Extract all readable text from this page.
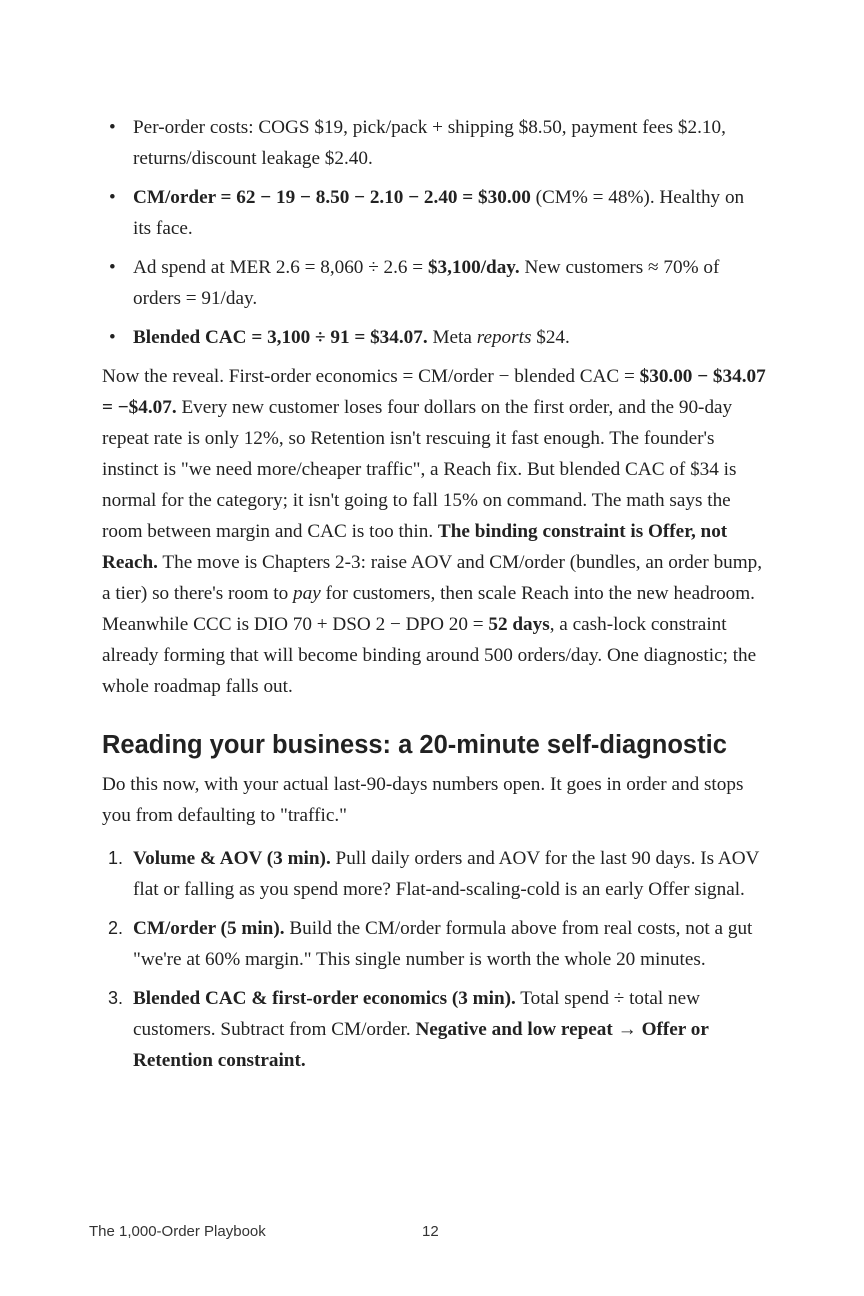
• Per-order costs: COGS $19, pick/pack + shipping $8.50, payment fees $2.10, returns/discount leakage $2.40.
• CM/order = 62 − 19 − 8.50 − 2.10 − 2.40 = $30.00 (CM% = 48%). Healthy on its face.
• Ad spend at MER 2.6 = 8,060 ÷ 2.6 = $3,100/day. New customers ≈ 70% of orders = 91/day.
• Blended CAC = 3,100 ÷ 91 = $34.07. Meta reports $24.

Now the reveal. First-order economics = CM/order − blended CAC = $30.00 − $34.07 = −$4.07. Every new customer loses four dollars on the first order, and the 90-day repeat rate is only 12%, so Retention isn't rescuing it fast enough. The founder's instinct is "we need more/cheaper traffic", a Reach fix. But blended CAC of $34 is normal for the category; it isn't going to fall 15% on command. The math says the room between margin and CAC is too thin. The binding constraint is Offer, not Reach. The move is Chapters 2-3: raise AOV and CM/order (bundles, an order bump, a tier) so there's room to pay for customers, then scale Reach into the new headroom. Meanwhile CCC is DIO 70 + DSO 2 − DPO 20 = 52 days, a cash-lock constraint already forming that will become binding around 500 orders/day. One diagnostic; the whole roadmap falls out.

Reading your business: a 20-minute self-diagnostic

Do this now, with your actual last-90-days numbers open. It goes in order and stops you from defaulting to "traffic."

1. Volume & AOV (3 min). Pull daily orders and AOV for the last 90 days. Is AOV flat or falling as you spend more? Flat-and-scaling-cold is an early Offer signal.
2. CM/order (5 min). Build the CM/order formula above from real costs, not a gut "we're at 60% margin." This single number is worth the whole 20 minutes.
3. Blended CAC & first-order economics (3 min). Total spend ÷ total new customers. Subtract from CM/order. Negative and low repeat → Offer or Retention constraint.
The 1,000-Order Playbook	12
